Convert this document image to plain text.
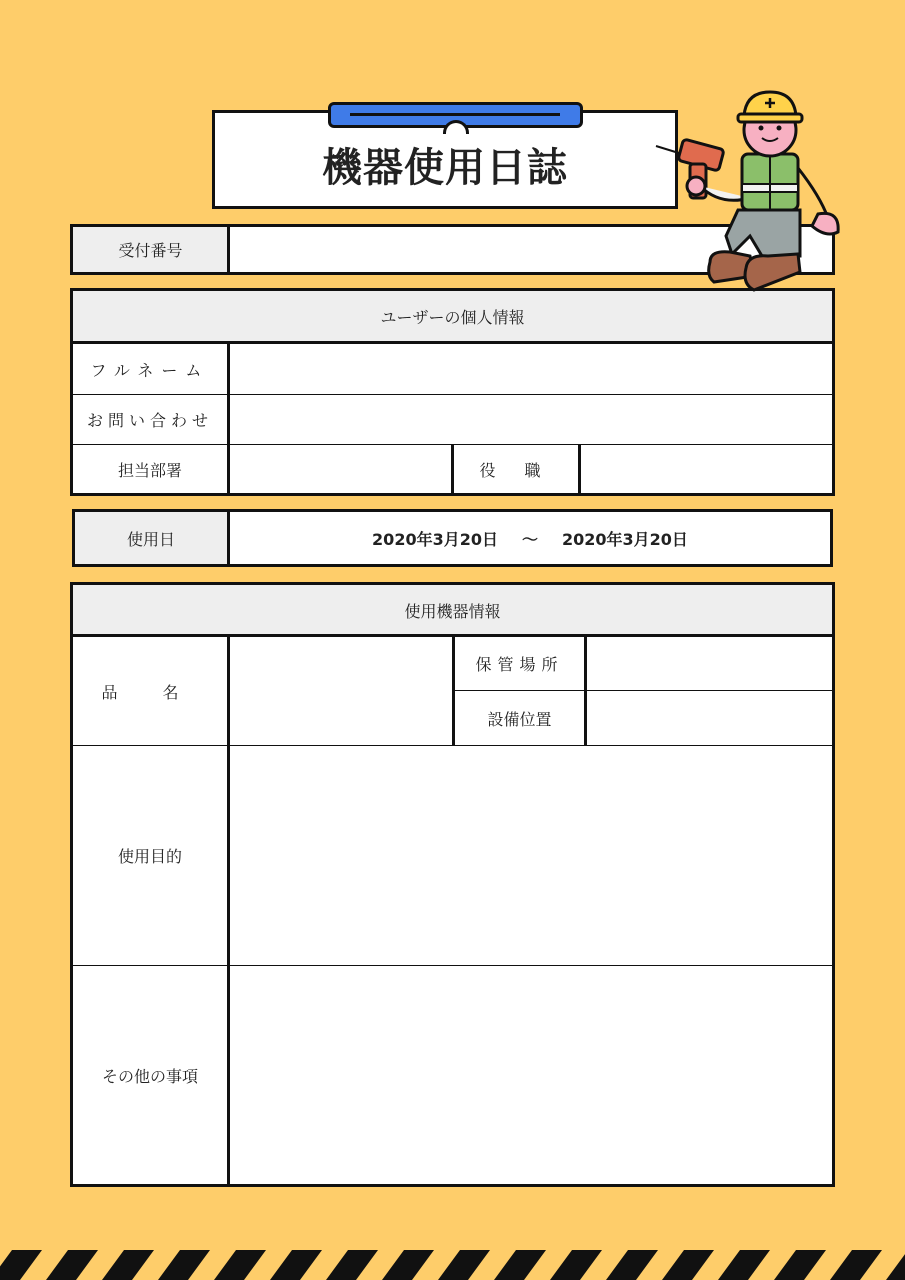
機器使用日誌
受付番号
ユーザーの個人情報
フルネーム
お問い合わせ
担当部署	役 職
使用日	2020年3月20日 〜 2020年3月20日
使用機器情報
品 名
保管場所
設備位置
使用目的
その他の事項
